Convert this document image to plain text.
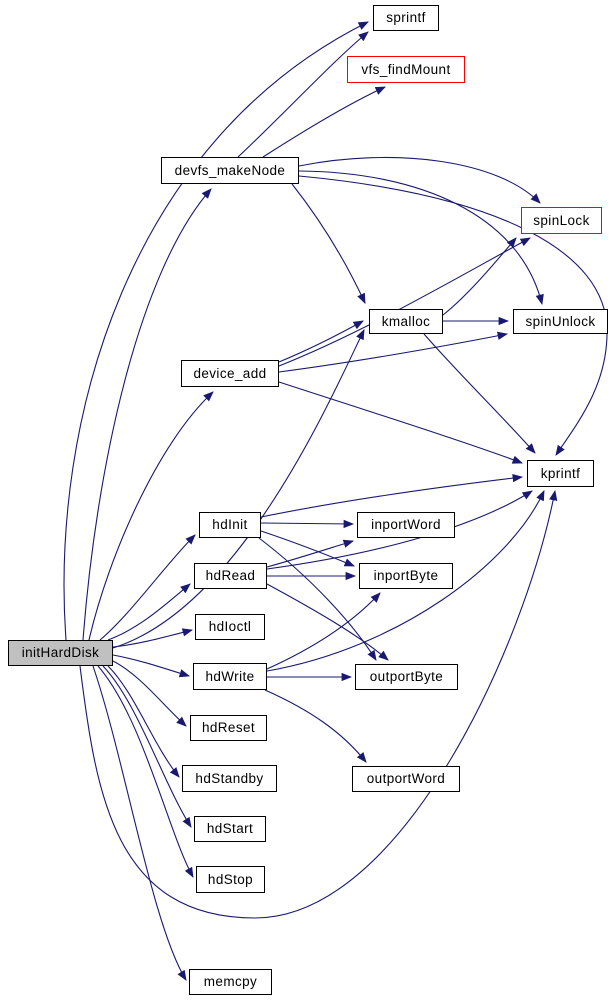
sprintf
vfs_findMount
devfs_makeNode
spinLock
kmalloc	spinUnlock
device_add
kprintf
hdInit	inportWord
hdRead	inportByte
hdIoctl
hdWrite	outportByte
initHardDisk
hdReset
hdStandby	outportWord
hdStart
hdStop
memcpy
